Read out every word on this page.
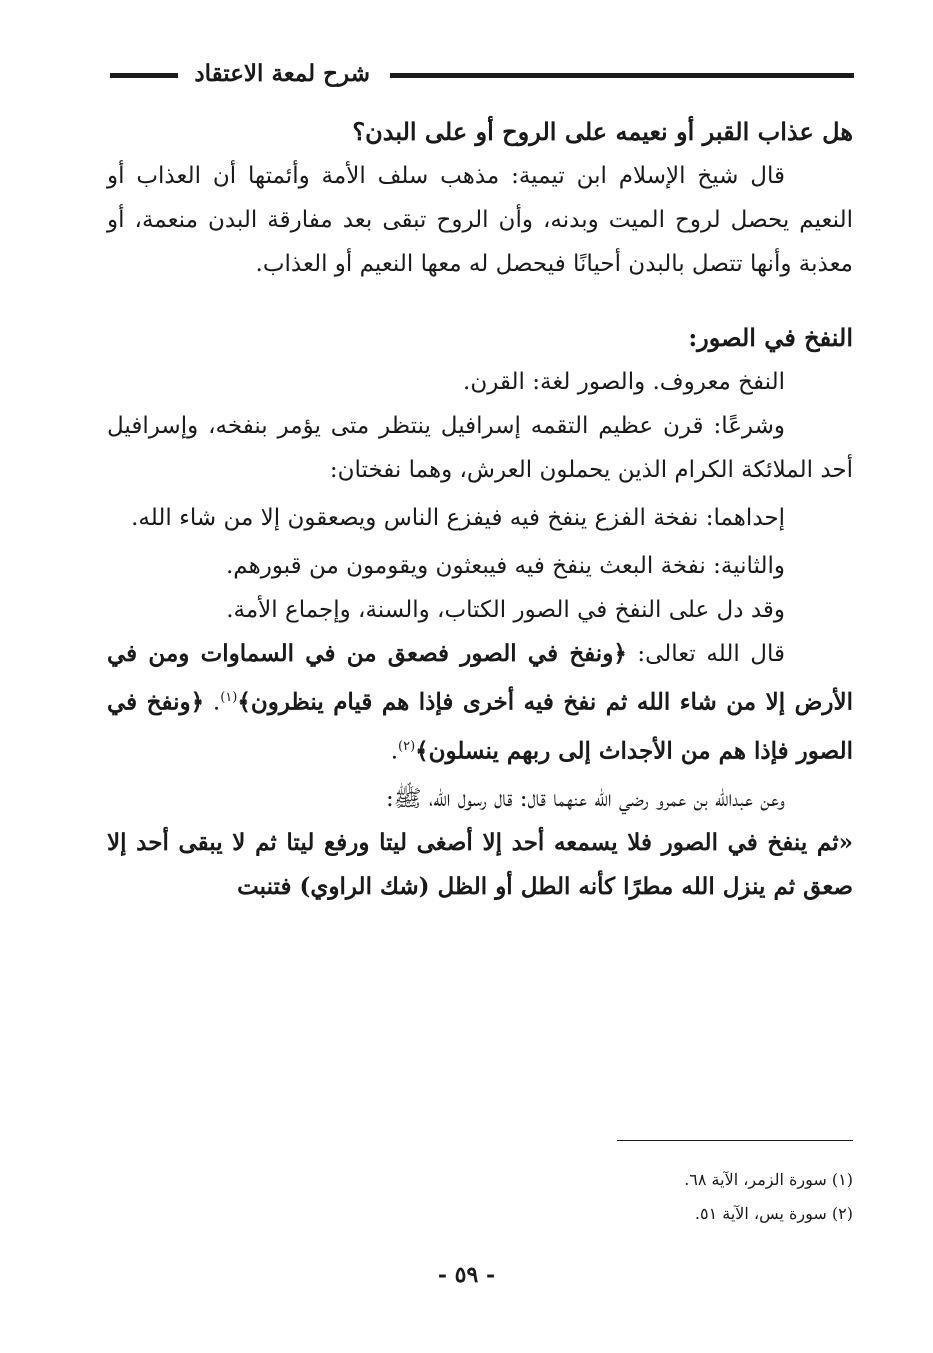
شرح لمعة الاعتقاد

هل عذاب القبر أو نعيمه على الروح أو على البدن؟

قال شيخ الإسلام ابن تيمية: مذهب سلف الأمة وأئمتها أن العذاب أو النعيم يحصل لروح الميت وبدنه، وأن الروح تبقى بعد مفارقة البدن منعمة، أو معذبة وأنها تتصل بالبدن أحيانًا فيحصل له معها النعيم أو العذاب.

النفخ في الصور:

النفخ معروف. والصور لغة: القرن.

وشرعًا: قرن عظيم التقمه إسرافيل ينتظر متى يؤمر بنفخه، وإسرافيل أحد الملائكة الكرام الذين يحملون العرش، وهما نفختان:

إحداهما: نفخة الفزع ينفخ فيه فيفزع الناس ويصعقون إلا من شاء الله.

والثانية: نفخة البعث ينفخ فيه فيبعثون ويقومون من قبورهم.

وقد دل على النفخ في الصور الكتاب، والسنة، وإجماع الأمة.

قال الله تعالى: ﴿ونفخ في الصور فصعق من في السماوات ومن في الأرض إلا من شاء الله ثم نفخ فيه أخرى فإذا هم قيام ينظرون﴾$^{(١)}$. ﴿ونفخ في الصور فإذا هم من الأجداث إلى ربهم ينسلون﴾$^{(٢)}$.

وعن عبدالله بن عمرو رضي الله عنهما قال: قال رسول الله، ﷺ:

«ثم ينفخ في الصور فلا يسمعه أحد إلا أصغى ليتا ورفع ليتا ثم لا يبقى أحد إلا صعق ثم ينزل الله مطرًا كأنه الطل أو الظل (شك الراوي) فتنبت

(١) سورة الزمر، الآية ٦٨.

(٢) سورة يس، الآية ٥١.

- ٥٩ -
